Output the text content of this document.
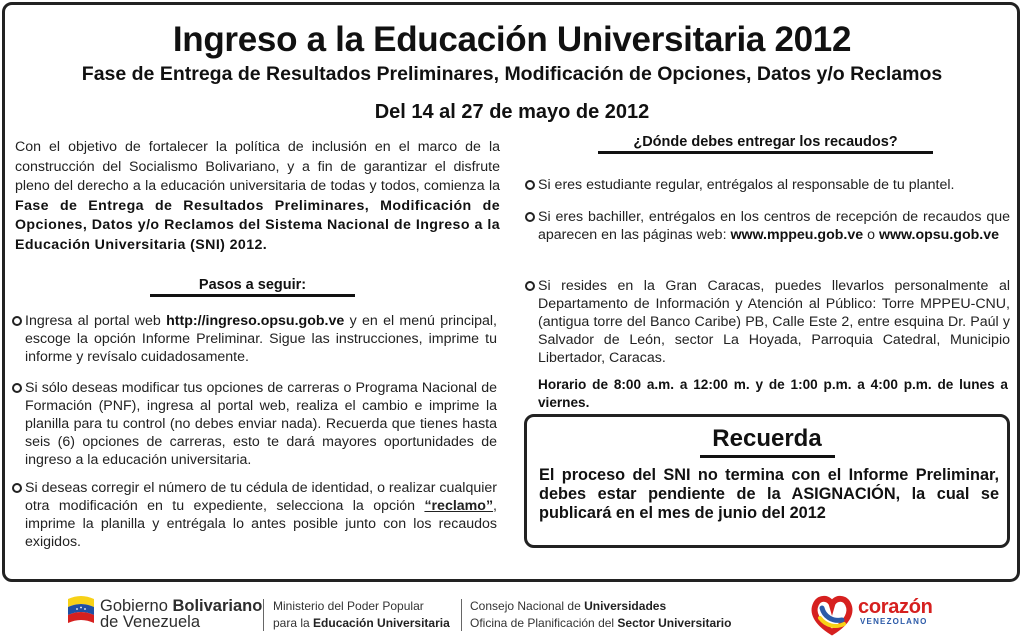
Ingreso a la Educación Universitaria 2012
Fase de Entrega de Resultados Preliminares, Modificación de Opciones, Datos y/o Reclamos
Del 14 al 27 de mayo de 2012
Con el objetivo de fortalecer la política de inclusión en el marco de la construcción del Socialismo Bolivariano, y a fin de garantizar el disfrute pleno del derecho a la educación universitaria de todas y todos, comienza la Fase de Entrega de Resultados Preliminares, Modificación de Opciones, Datos y/o Reclamos del Sistema Nacional de Ingreso a la Educación Universitaria (SNI) 2012.
Pasos a seguir:
Ingresa al portal web http://ingreso.opsu.gob.ve y en el menú principal, escoge la opción Informe Preliminar. Sigue las instrucciones, imprime tu informe y revísalo cuidadosamente.
Si sólo deseas modificar tus opciones de carreras o Programa Nacional de Formación (PNF), ingresa al portal web, realiza el cambio e imprime la planilla para tu control (no debes enviar nada). Recuerda que tienes hasta seis (6) opciones de carreras, esto te dará mayores oportunidades de ingreso a la educación universitaria.
Si deseas corregir el número de tu cédula de identidad, o realizar cualquier otra modificación en tu expediente, selecciona la opción “reclamo”, imprime la planilla y entrégala lo antes posible junto con los recaudos exigidos.
¿Dónde debes entregar los recaudos?
Si eres estudiante regular, entrégalos al responsable de tu plantel.
Si eres bachiller, entrégalos en los centros de recepción de recaudos que aparecen en las páginas web: www.mppeu.gob.ve o www.opsu.gob.ve
Si resides en la Gran Caracas, puedes llevarlos personalmente al Departamento de Información y Atención al Público: Torre MPPEU-CNU, (antigua torre del Banco Caribe) PB, Calle Este 2, entre esquina Dr. Paúl y Salvador de León, sector La Hoyada, Parroquia Catedral, Municipio Libertador, Caracas.
Horario de 8:00 a.m. a 12:00 m. y de 1:00 p.m. a 4:00 p.m. de lunes a viernes.
Recuerda
El proceso del SNI no termina con el Informe Preliminar, debes estar pendiente de la ASIGNACIÓN, la cual se publicará en el mes de junio del 2012
Gobierno Bolivariano
de Venezuela
Ministerio del Poder Popular
para la Educación Universitaria
Consejo Nacional de Universidades
Oficina de Planificación del Sector Universitario
corazón
VENEZOLANO
